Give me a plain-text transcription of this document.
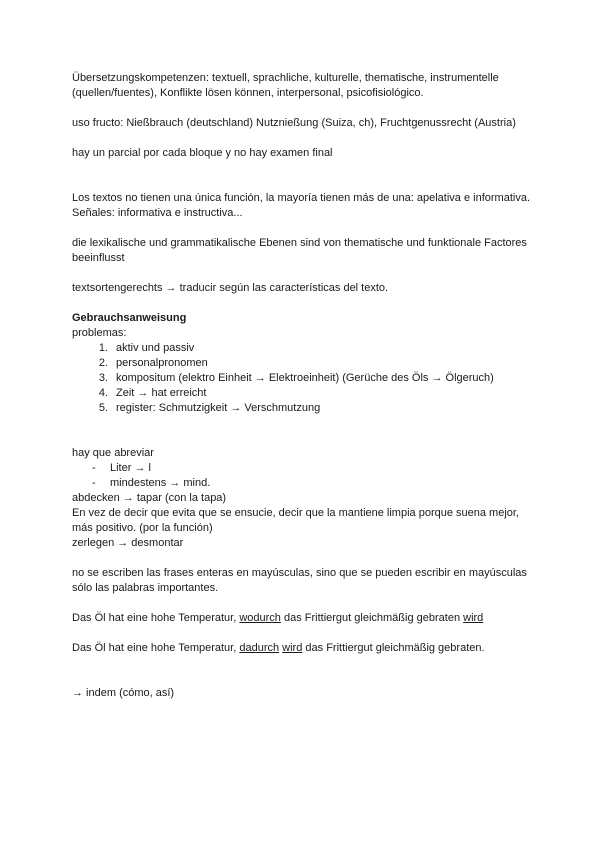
Übersetzungskompetenzen: textuell, sprachliche, kulturelle, thematische, instrumentelle (quellen/fuentes), Konflikte lösen können, interpersonal, psicofisiológico.

uso fructo: Nießbrauch (deutschland) Nutznießung (Suiza, ch), Fruchtgenussrecht (Austria)

hay un parcial por cada bloque y no hay examen final

Los textos no tienen una única función, la mayoría tienen más de una: apelativa e informativa. Señales: informativa e instructiva...

die lexikalische und grammatikalische Ebenen sind von thematische und funktionale Factores beeinflusst

textsortengerechts → traducir según las características del texto.

Gebrauchsanweisung

problemas:

1. aktiv und passiv
2. personalpronomen
3. kompositum (elektro Einheit → Elektroeinheit) (Gerüche des Öls → Ölgeruch)
4. Zeit → hat erreicht
5. register: Schmutzigkeit → Verschmutzung

hay que abreviar

-	Liter → l
-	mindestens → mind.

abdecken → tapar (con la tapa)

En vez de decir que evita que se ensucie, decir que la mantiene limpia porque suena mejor, más positivo. (por la función)

zerlegen → desmontar

no se escriben las frases enteras en mayúsculas, sino que se pueden escribir en mayúsculas sólo las palabras importantes.

Das Öl hat eine hohe Temperatur, wodurch das Frittiergut gleichmäßig gebraten wird

Das Öl hat eine hohe Temperatur, dadurch wird das Frittiergut gleichmäßig gebraten.

→ indem (cómo, así)
